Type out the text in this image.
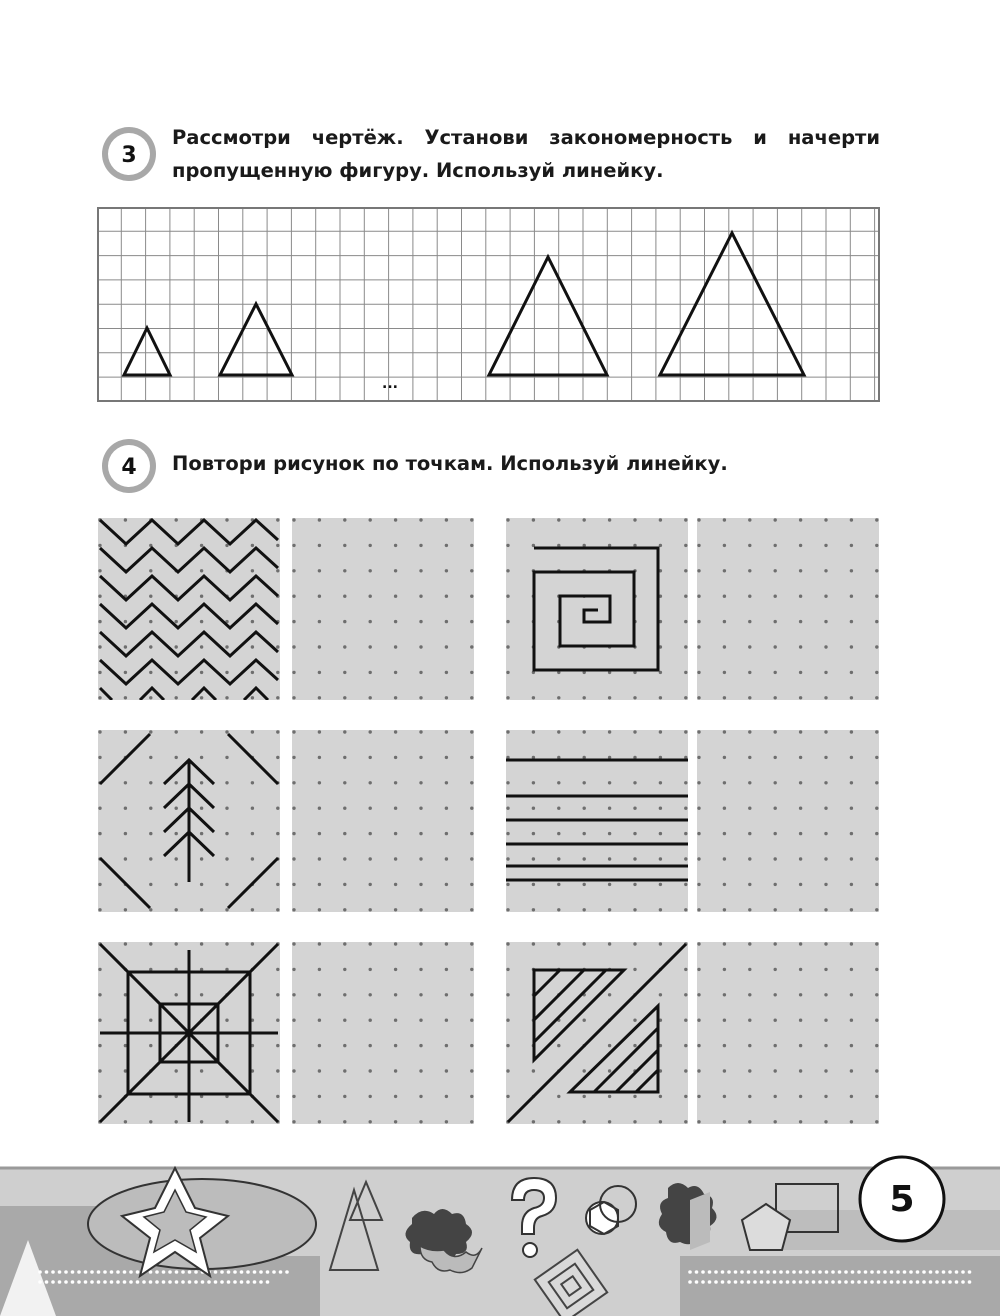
3

Рассмотри чертёж. Установи закономерность и начерти пропущенную фигуру. Используй линейку.

...
4 Повтори рисунок по точкам. Используй линейку.

5
